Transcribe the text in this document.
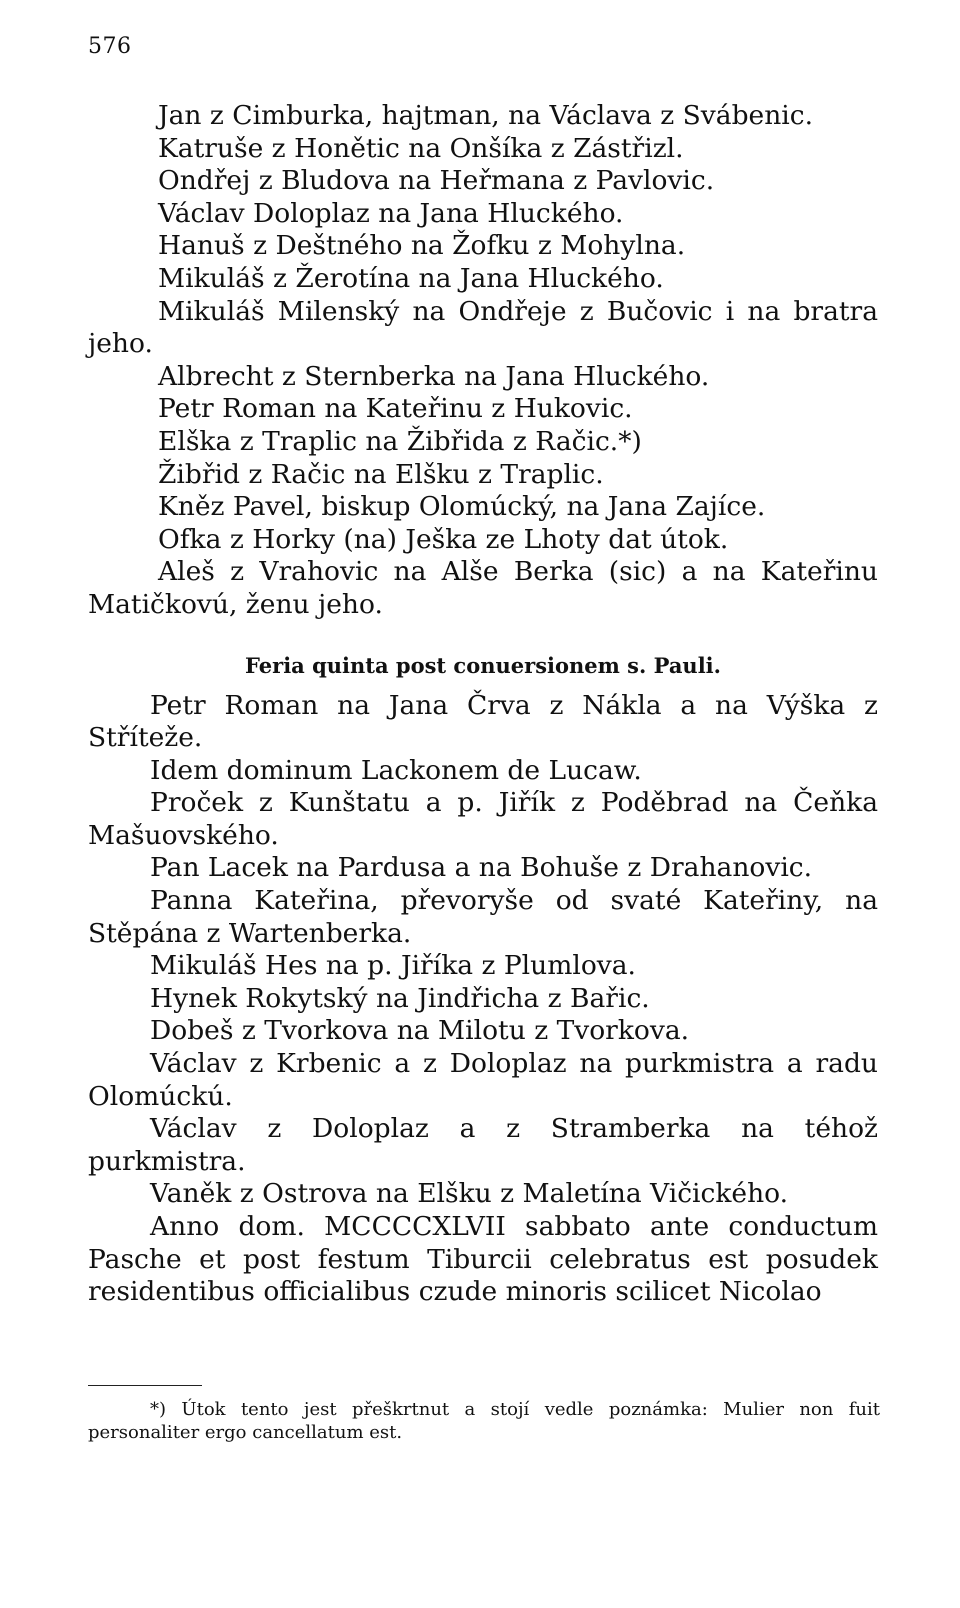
576

Jan z Cimburka, hajtman, na Václava z Svábenic.

Katruše z Honětic na Onšíka z Zástřizl.

Ondřej z Bludova na Heřmana z Pavlovic.

Václav Doloplaz na Jana Hluckého.

Hanuš z Deštného na Žofku z Mohylna.

Mikuláš z Žerotína na Jana Hluckého.

Mikuláš Milenský na Ondřeje z Bučovic i na bratra jeho.

Albrecht z Sternberka na Jana Hluckého.

Petr Roman na Kateřinu z Hukovic.

Elška z Traplic na Žibřida z Račic.*)

Žibřid z Račic na Elšku z Traplic.

Kněz Pavel, biskup Olomúcký, na Jana Zajíce.

Ofka z Horky (na) Ješka ze Lhoty dat útok.

Aleš z Vrahovic na Alše Berka (sic) a na Kateřinu Matičkovú, ženu jeho.

Feria quinta post conuersionem s. Pauli.

Petr Roman na Jana Črva z Nákla a na Výška z Stříteže.

Idem dominum Lackonem de Lucaw.

Proček z Kunštatu a p. Jiřík z Poděbrad na Čeňka Mašuovského.

Pan Lacek na Pardusa a na Bohuše z Drahanovic.

Panna Kateřina, převoryše od svaté Kateřiny, na Stěpána z Wartenberka.

Mikuláš Hes na p. Jiříka z Plumlova.

Hynek Rokytský na Jindřicha z Bařic.

Dobeš z Tvorkova na Milotu z Tvorkova.

Václav z Krbenic a z Doloplaz na purkmistra a radu Olomúckú.

Václav z Doloplaz a z Stramberka na téhož purkmistra.

Vaněk z Ostrova na Elšku z Maletína Vičického.

Anno dom. MCCCCXLVII sabbato ante conductum Pasche et post festum Tiburcii celebratus est posudek residentibus officialibus czude minoris scilicet Nicolao

*) Útok tento jest přeškrtnut a stojí vedle poznámka: Mulier non fuit personaliter ergo cancellatum est.
